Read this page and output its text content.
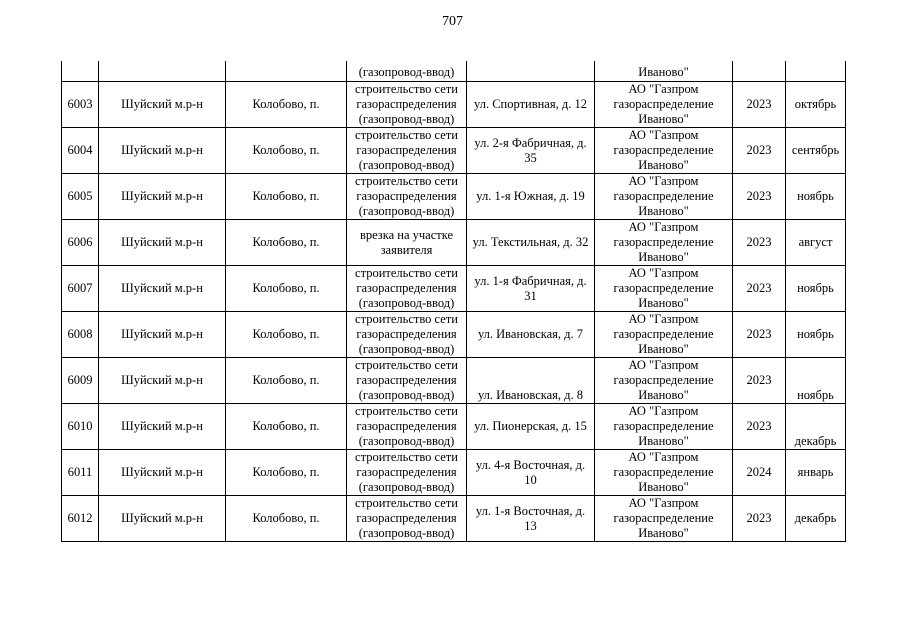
707
			(газопровод-ввод)		Иваново"		
6003	Шуйский м.р-н	Колобово, п.	строительство сети газораспределения (газопровод-ввод)	ул. Спортивная, д. 12	АО "Газпром газораспределение Иваново"	2023	октябрь
6004	Шуйский м.р-н	Колобово, п.	строительство сети газораспределения (газопровод-ввод)	ул. 2-я Фабричная, д. 35	АО "Газпром газораспределение Иваново"	2023	сентябрь
6005	Шуйский м.р-н	Колобово, п.	строительство сети газораспределения (газопровод-ввод)	ул. 1-я Южная, д. 19	АО "Газпром газораспределение Иваново"	2023	ноябрь
6006	Шуйский м.р-н	Колобово, п.	врезка на участке заявителя	ул. Текстильная, д. 32	АО "Газпром газораспределение Иваново"	2023	август
6007	Шуйский м.р-н	Колобово, п.	строительство сети газораспределения (газопровод-ввод)	ул. 1-я Фабричная, д. 31	АО "Газпром газораспределение Иваново"	2023	ноябрь
6008	Шуйский м.р-н	Колобово, п.	строительство сети газораспределения (газопровод-ввод)	ул. Ивановская, д. 7	АО "Газпром газораспределение Иваново"	2023	ноябрь
6009	Шуйский м.р-н	Колобово, п.	строительство сети газораспределения (газопровод-ввод)	ул. Ивановская, д. 8	АО "Газпром газораспределение Иваново"	2023	ноябрь
6010	Шуйский м.р-н	Колобово, п.	строительство сети газораспределения (газопровод-ввод)	ул. Пионерская, д. 15	АО "Газпром газораспределение Иваново"	2023	декабрь
6011	Шуйский м.р-н	Колобово, п.	строительство сети газораспределения (газопровод-ввод)	ул. 4-я Восточная, д. 10	АО "Газпром газораспределение Иваново"	2024	январь
6012	Шуйский м.р-н	Колобово, п.	строительство сети газораспределения (газопровод-ввод)	ул. 1-я Восточная, д. 13	АО "Газпром газораспределение Иваново"	2023	декабрь
